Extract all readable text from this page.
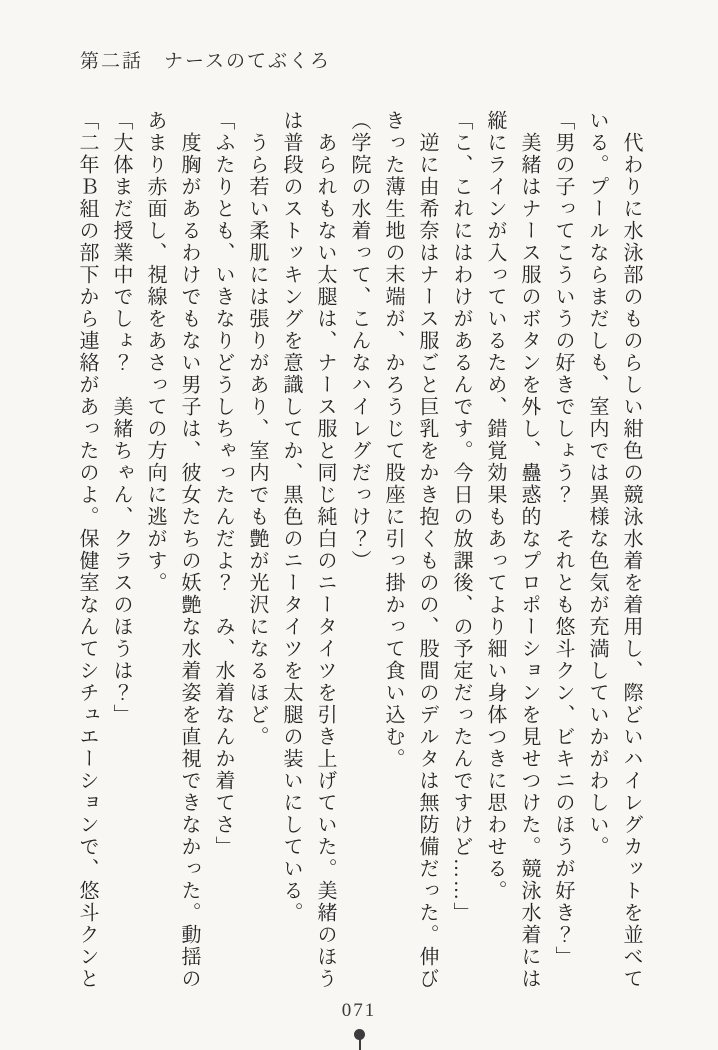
第二話　ナースのてぶくろ

　代わりに水泳部のものらしい紺色の競泳水着を着用し、際どいハイレグカットを並べて

いる。プールならまだしも、室内では異様な色気が充満していかがわしい。

「男の子ってこういうの好きでしょう？　それとも悠斗クン、ビキニのほうが好き？」

　美緒はナース服のボタンを外し、蠱惑的なプロポーションを見せつけた。競泳水着には

縦にラインが入っているため、錯覚効果もあってより細い身体つきに思わせる。

「こ、これにはわけがあるんです。今日の放課後、の予定だったんですけど……」

　逆に由希奈はナース服ごと巨乳をかき抱くものの、股間のデルタは無防備だった。伸び

きった薄生地の末端が、かろうじて股座に引っ掛かって食い込む。

（学院の水着って、こんなハイレグだっけ？）

　あられもない太腿は、ナース服と同じ純白のニータイツを引き上げていた。美緒のほう

は普段のストッキングを意識してか、黒色のニータイツを太腿の装いにしている。

　うら若い柔肌には張りがあり、室内でも艶が光沢になるほど。

「ふたりとも、いきなりどうしちゃったんだよ？　み、水着なんか着てさ」

　度胸があるわけでもない男子は、彼女たちの妖艶な水着姿を直視できなかった。動揺の

あまり赤面し、視線をあさっての方向に逃がす。

「大体まだ授業中でしょ？　美緒ちゃん、クラスのほうは？」

「二年Ｂ組の部下から連絡があったのよ。保健室なんてシチュエーションで、悠斗クンと

071
